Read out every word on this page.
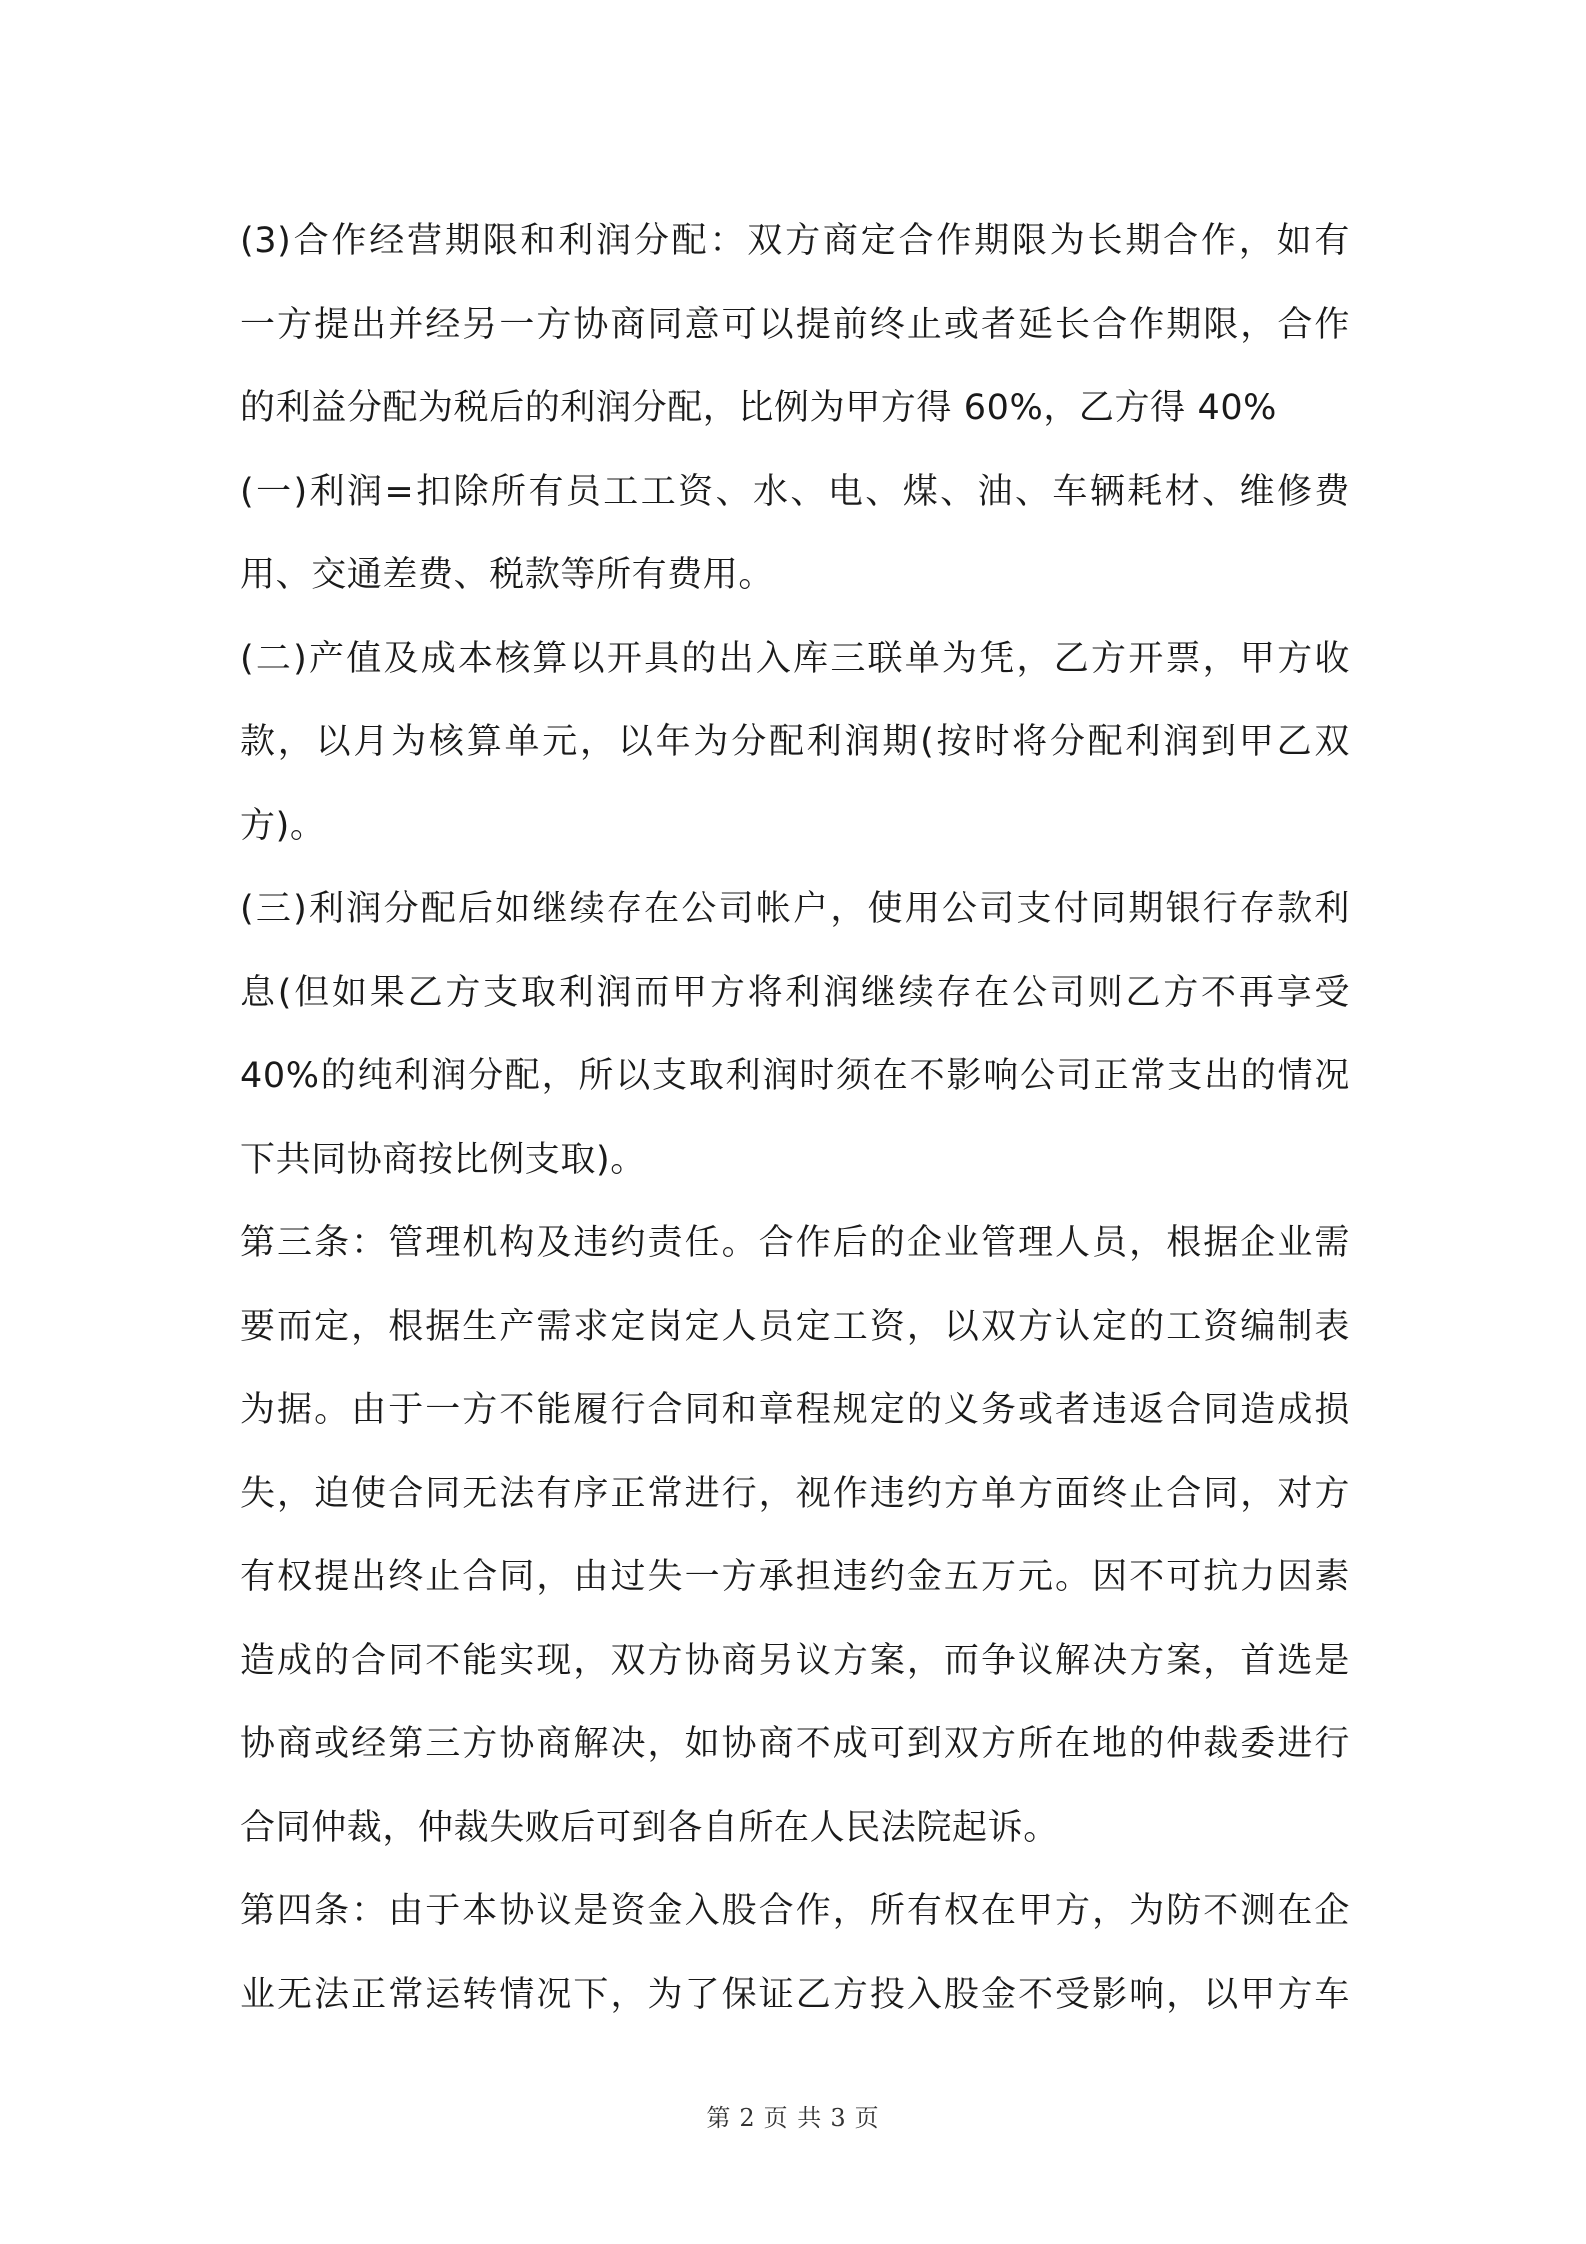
(3)合作经营期限和利润分配：双方商定合作期限为长期合作，如有
一方提出并经另一方协商同意可以提前终止或者延长合作期限，合作
的利益分配为税后的利润分配，比例为甲方得 60%，乙方得 40%
(一)利润=扣除所有员工工资、水、电、煤、油、车辆耗材、维修费
用、交通差费、税款等所有费用。
(二)产值及成本核算以开具的出入库三联单为凭，乙方开票，甲方收
款，以月为核算单元，以年为分配利润期(按时将分配利润到甲乙双
方)。
(三)利润分配后如继续存在公司帐户，使用公司支付同期银行存款利
息(但如果乙方支取利润而甲方将利润继续存在公司则乙方不再享受
40%的纯利润分配，所以支取利润时须在不影响公司正常支出的情况
下共同协商按比例支取)。
第三条：管理机构及违约责任。合作后的企业管理人员，根据企业需
要而定，根据生产需求定岗定人员定工资，以双方认定的工资编制表
为据。由于一方不能履行合同和章程规定的义务或者违返合同造成损
失，迫使合同无法有序正常进行，视作违约方单方面终止合同，对方
有权提出终止合同，由过失一方承担违约金五万元。因不可抗力因素
造成的合同不能实现，双方协商另议方案，而争议解决方案，首选是
协商或经第三方协商解决，如协商不成可到双方所在地的仲裁委进行
合同仲裁，仲裁失败后可到各自所在人民法院起诉。
第四条：由于本协议是资金入股合作，所有权在甲方，为防不测在企
业无法正常运转情况下，为了保证乙方投入股金不受影响，以甲方车
第 2 页 共 3 页
